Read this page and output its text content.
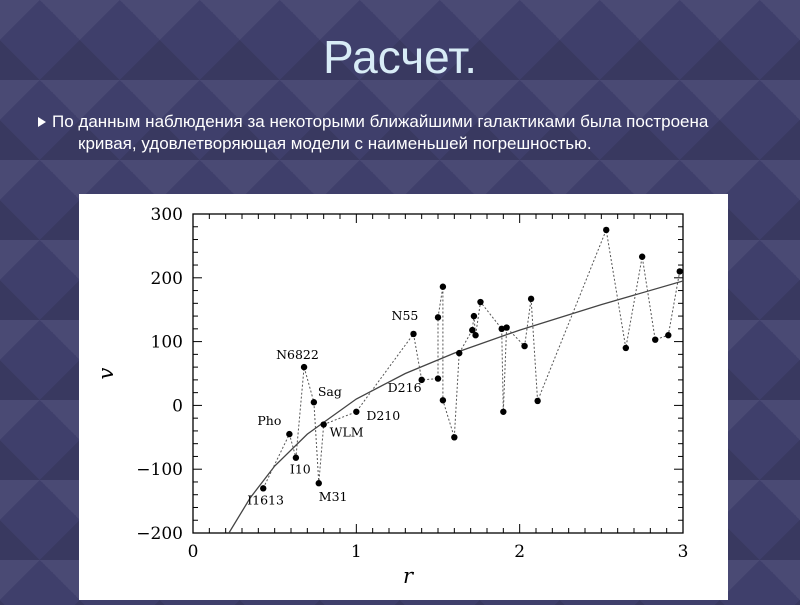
Расчет.
По данным наблюдения за некоторыми ближайшими галактиками была построена кривая, удовлетворяющая модели с наименьшей погрешностью.
−200
−100
0
100
200
300
0	1	2	3
r
v
I1613
Pho
I10
N6822
Sag
M31
WLM
D210
N55
D216
